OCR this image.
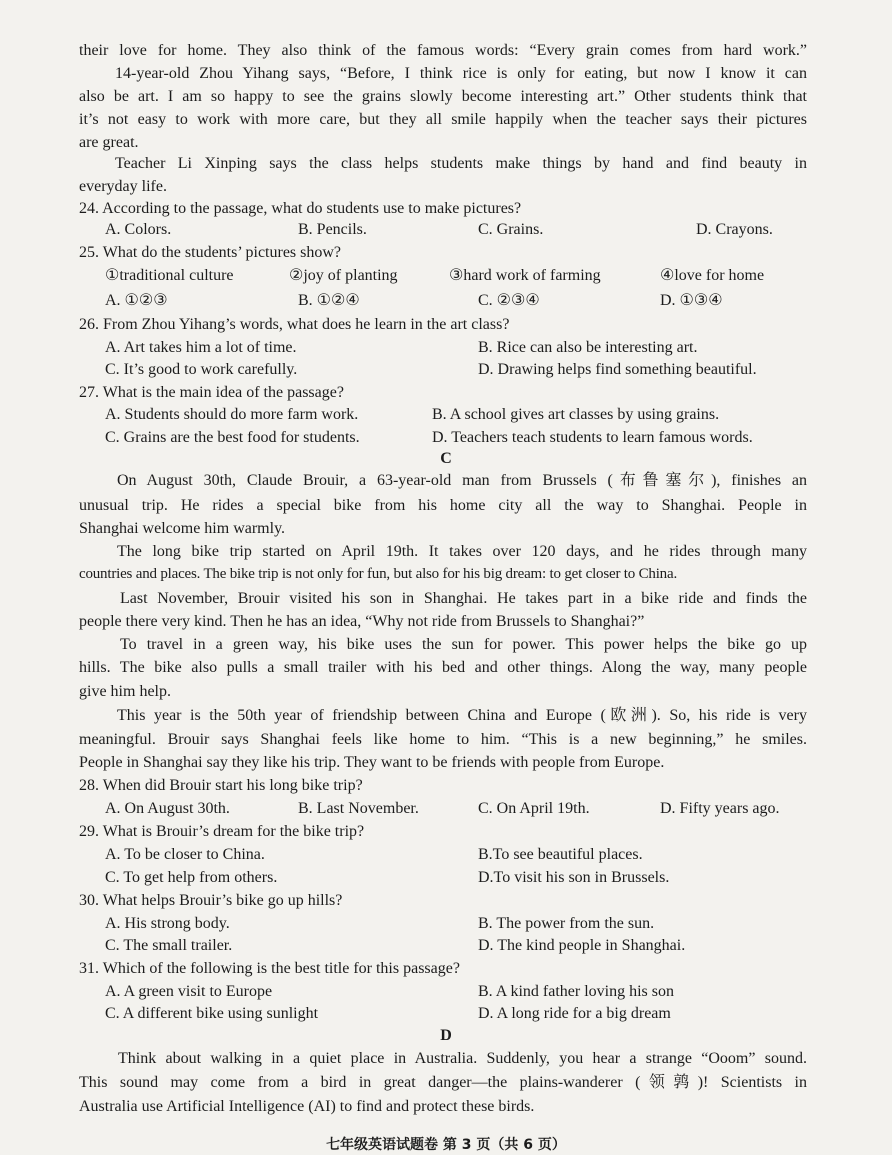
their love for home. They also think of the famous words: “Every grain comes from hard work.”
14-year-old Zhou Yihang says, “Before, I think rice is only for eating, but now I know it can
also be art. I am so happy to see the grains slowly become interesting art.” Other students think that
it’s not easy to work with more care, but they all smile happily when the teacher says their pictures
are great.
Teacher Li Xinping says the class helps students make things by hand and find beauty in
everyday life.
24. According to the passage, what do students use to make pictures?
A. Colors.	B. Pencils.	C. Grains.	D. Crayons.
25. What do the students’ pictures show?
①traditional culture	②joy of planting	③hard work of farming	④love for home
A. ①②③	B. ①②④	C. ②③④	D. ①③④
26. From Zhou Yihang’s words, what does he learn in the art class?
A. Art takes him a lot of time.	B. Rice can also be interesting art.
C. It’s good to work carefully.	D. Drawing helps find something beautiful.
27. What is the main idea of the passage?
A. Students should do more farm work.	B. A school gives art classes by using grains.
C. Grains are the best food for students.	D. Teachers teach students to learn famous words.
C
On August 30th, Claude Brouir, a 63-year-old man from Brussels (布鲁塞尔), finishes an
unusual trip. He rides a special bike from his home city all the way to Shanghai. People in
Shanghai welcome him warmly.
The long bike trip started on April 19th. It takes over 120 days, and he rides through many
countries and places. The bike trip is not only for fun, but also for his big dream: to get closer to China.
Last November, Brouir visited his son in Shanghai. He takes part in a bike ride and finds the
people there very kind. Then he has an idea, “Why not ride from Brussels to Shanghai?”
To travel in a green way, his bike uses the sun for power. This power helps the bike go up
hills. The bike also pulls a small trailer with his bed and other things. Along the way, many people
give him help.
This year is the 50th year of friendship between China and Europe (欧洲). So, his ride is very
meaningful. Brouir says Shanghai feels like home to him. “This is a new beginning,” he smiles.
People in Shanghai say they like his trip. They want to be friends with people from Europe.
28. When did Brouir start his long bike trip?
A. On August 30th.	B. Last November.	C. On April 19th.	D. Fifty years ago.
29. What is Brouir’s dream for the bike trip?
A. To be closer to China.	B.To see beautiful places.
C. To get help from others.	D.To visit his son in Brussels.
30. What helps Brouir’s bike go up hills?
A. His strong body.	B. The power from the sun.
C. The small trailer.	D. The kind people in Shanghai.
31. Which of the following is the best title for this passage?
A. A green visit to Europe	B. A kind father loving his son
C. A different bike using sunlight	D. A long ride for a big dream
D
Think about walking in a quiet place in Australia. Suddenly, you hear a strange “Ooom” sound.
This sound may come from a bird in great danger—the plains-wanderer (领鹑)! Scientists in
Australia use Artificial Intelligence (AI) to find and protect these birds.
七年级英语试题卷 第 3 页（共 6 页）
